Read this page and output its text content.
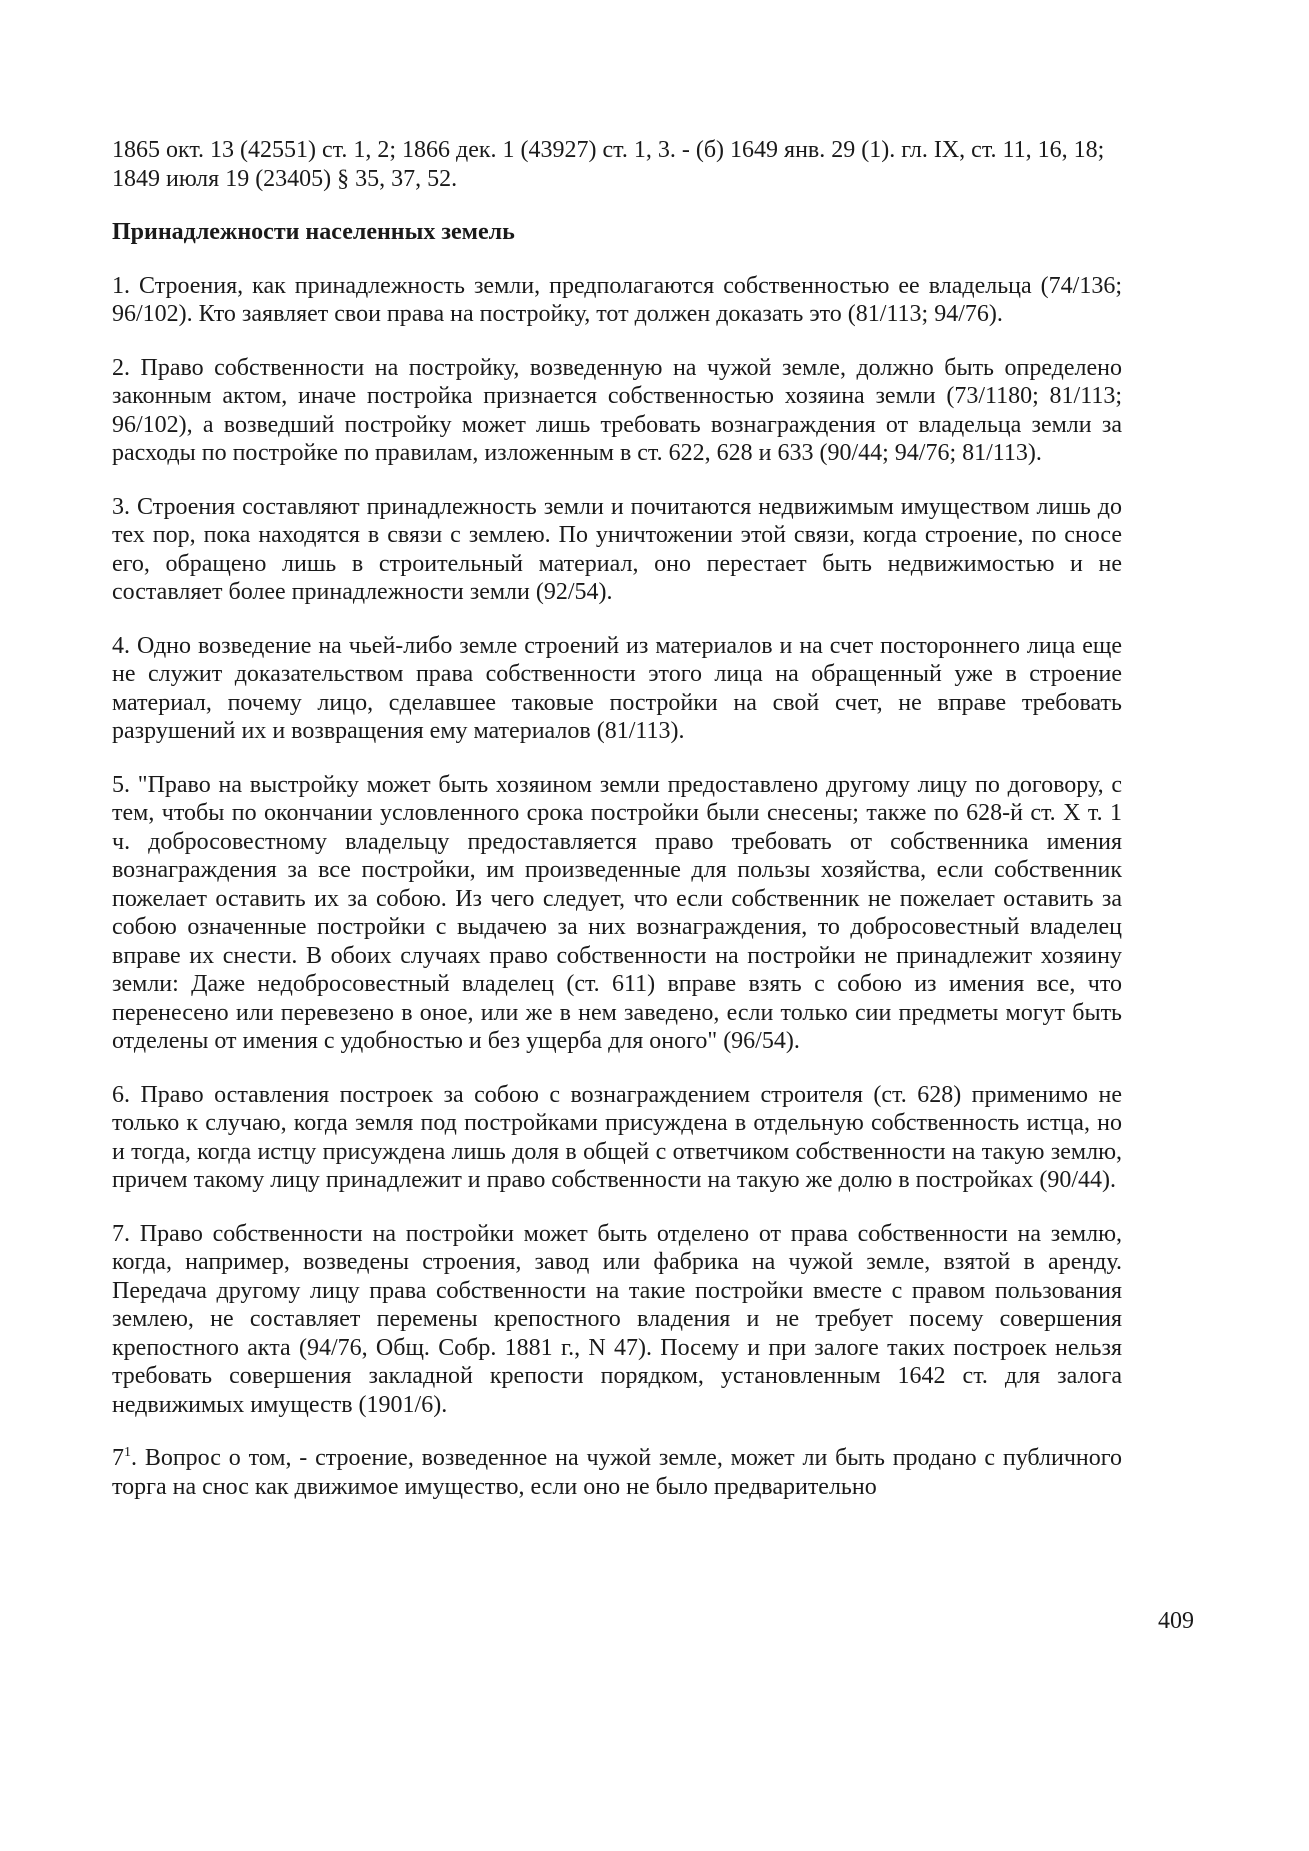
1865 окт. 13 (42551) ст. 1, 2; 1866 дек. 1 (43927) ст. 1, 3. - (б) 1649 янв. 29 (1). гл. IX, ст. 11, 16, 18; 1849 июля 19 (23405) § 35, 37, 52.

Принадлежности населенных земель

1. Строения, как принадлежность земли, предполагаются собственностью ее владельца (74/136; 96/102). Кто заявляет свои права на постройку, тот должен доказать это (81/113; 94/76).

2. Право собственности на постройку, возведенную на чужой земле, должно быть определено законным актом, иначе постройка признается собственностью хозяина земли (73/1180; 81/113; 96/102), а возведший постройку может лишь требовать вознаграждения от владельца земли за расходы по постройке по правилам, изложенным в ст. 622, 628 и 633 (90/44; 94/76; 81/113).

3. Строения составляют принадлежность земли и почитаются недвижимым имуществом лишь до тех пор, пока находятся в связи с землею. По уничтожении этой связи, когда строение, по сносе его, обращено лишь в строительный материал, оно перестает быть недвижимостью и не составляет более принадлежности земли (92/54).

4. Одно возведение на чьей-либо земле строений из материалов и на счет постороннего лица еще не служит доказательством права собственности этого лица на обращенный уже в строение материал, почему лицо, сделавшее таковые постройки на свой счет, не вправе требовать разрушений их и возвращения ему материалов (81/113).

5. "Право на выстройку может быть хозяином земли предоставлено другому лицу по договору, с тем, чтобы по окончании условленного срока постройки были снесены; также по 628-й ст. X т. 1 ч. добросовестному владельцу предоставляется право требовать от собственника имения вознаграждения за все постройки, им произведенные для пользы хозяйства, если собственник пожелает оставить их за собою. Из чего следует, что если собственник не пожелает оставить за собою означенные постройки с выдачею за них вознаграждения, то добросовестный владелец вправе их снести. В обоих случаях право собственности на постройки не принадлежит хозяину земли: Даже недобросовестный владелец (ст. 611) вправе взять с собою из имения все, что перенесено или перевезено в оное, или же в нем заведено, если только сии предметы могут быть отделены от имения с удобностью и без ущерба для оного" (96/54).

6. Право оставления построек за собою с вознаграждением строителя (ст. 628) применимо не только к случаю, когда земля под постройками присуждена в отдельную собственность истца, но и тогда, когда истцу присуждена лишь доля в общей с ответчиком собственности на такую землю, причем такому лицу принадлежит и право собственности на такую же долю в постройках (90/44).

7. Право собственности на постройки может быть отделено от права собственности на землю, когда, например, возведены строения, завод или фабрика на чужой земле, взятой в аренду. Передача другому лицу права собственности на такие постройки вместе с правом пользования землею, не составляет перемены крепостного владения и не требует посему совершения крепостного акта (94/76, Общ. Собр. 1881 г., N 47). Посему и при залоге таких построек нельзя требовать совершения закладной крепости порядком, установленным 1642 ст. для залога недвижимых имуществ (1901/6).

$7^1$. Вопрос о том, - строение, возведенное на чужой земле, может ли быть продано с публичного торга на снос как движимое имущество, если оно не было предварительно

409
